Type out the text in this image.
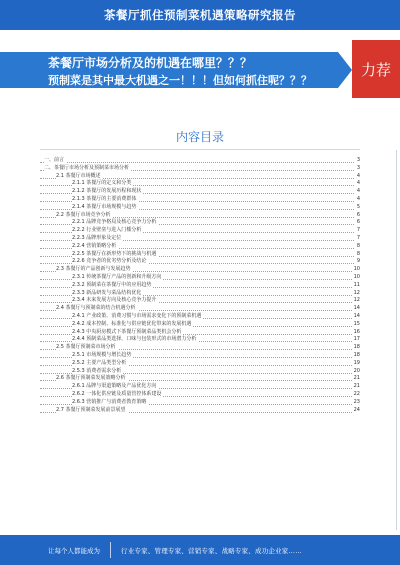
茶餐厅抓住预制菜机遇策略研究报告
茶餐厅市场分析及的机遇在哪里？？？
预制菜是其中最大机遇之一！！！但如何抓住呢？？？
力荐
内容目录
一、前言	3
二、茶餐厅市场分析及预制菜市场分析	3
2.1 茶餐厅市场概述	4
2.1.1 茶餐厅的定义和分类	4
2.1.2 茶餐厅的发展历程和现状	4
2.1.3 茶餐厅的主要消费群体	4
2.1.4 茶餐厅市场规模与趋势	5
2.2 茶餐厅市场竞争分析	6
2.2.1 品牌竞争格局及核心竞争力分析	6
2.2.2 行业壁垒与进入门槛分析	7
2.2.3 品牌形象及定位	7
2.2.4 营销策略分析	8
2.2.5 茶餐厅在新形势下的挑战与机遇	8
2.2.6 竞争者的优劣势分析及结论	9
2.3 茶餐厅的产品创新与发展趋势	10
2.3.1 传统茶餐厅产品的创新和升级方向	10
2.3.2 预制菜在茶餐厅中的应用趋势	11
2.3.3 新品研发与菜品结构优化	12
2.3.4 未来发展方向及核心竞争力提升	12
2.4 茶餐厅与预制菜的结合机遇分析	14
2.4.1 产业政策、消费习惯与市场需求变化下的预制菜机遇	14
2.4.2 成本控制、标准化与供应链优化带来的发展机遇	15
2.4.3 中央厨房模式下茶餐厅预制菜品类机会分析	16
2.4.4 预制菜品类选择、口味与包装形式的市场潜力分析	17
2.5 茶餐厅预制菜市场分析	18
2.5.1 市场规模与增长趋势	18
2.5.2 主要产品类型分析	19
2.5.3 消费者需求分析	20
2.6 茶餐厅预制菜发展策略分析	21
2.6.1 品牌与渠道策略及产品优化方向	21
2.6.2 一体化供应链及质量管控体系建设	22
2.6.3 营销推广与消费者教育策略	23
2.7 茶餐厅预制菜发展前景展望	24
让每个人都能成为	行业专家、管理专家、营销专家、战略专家、成功企业家……
